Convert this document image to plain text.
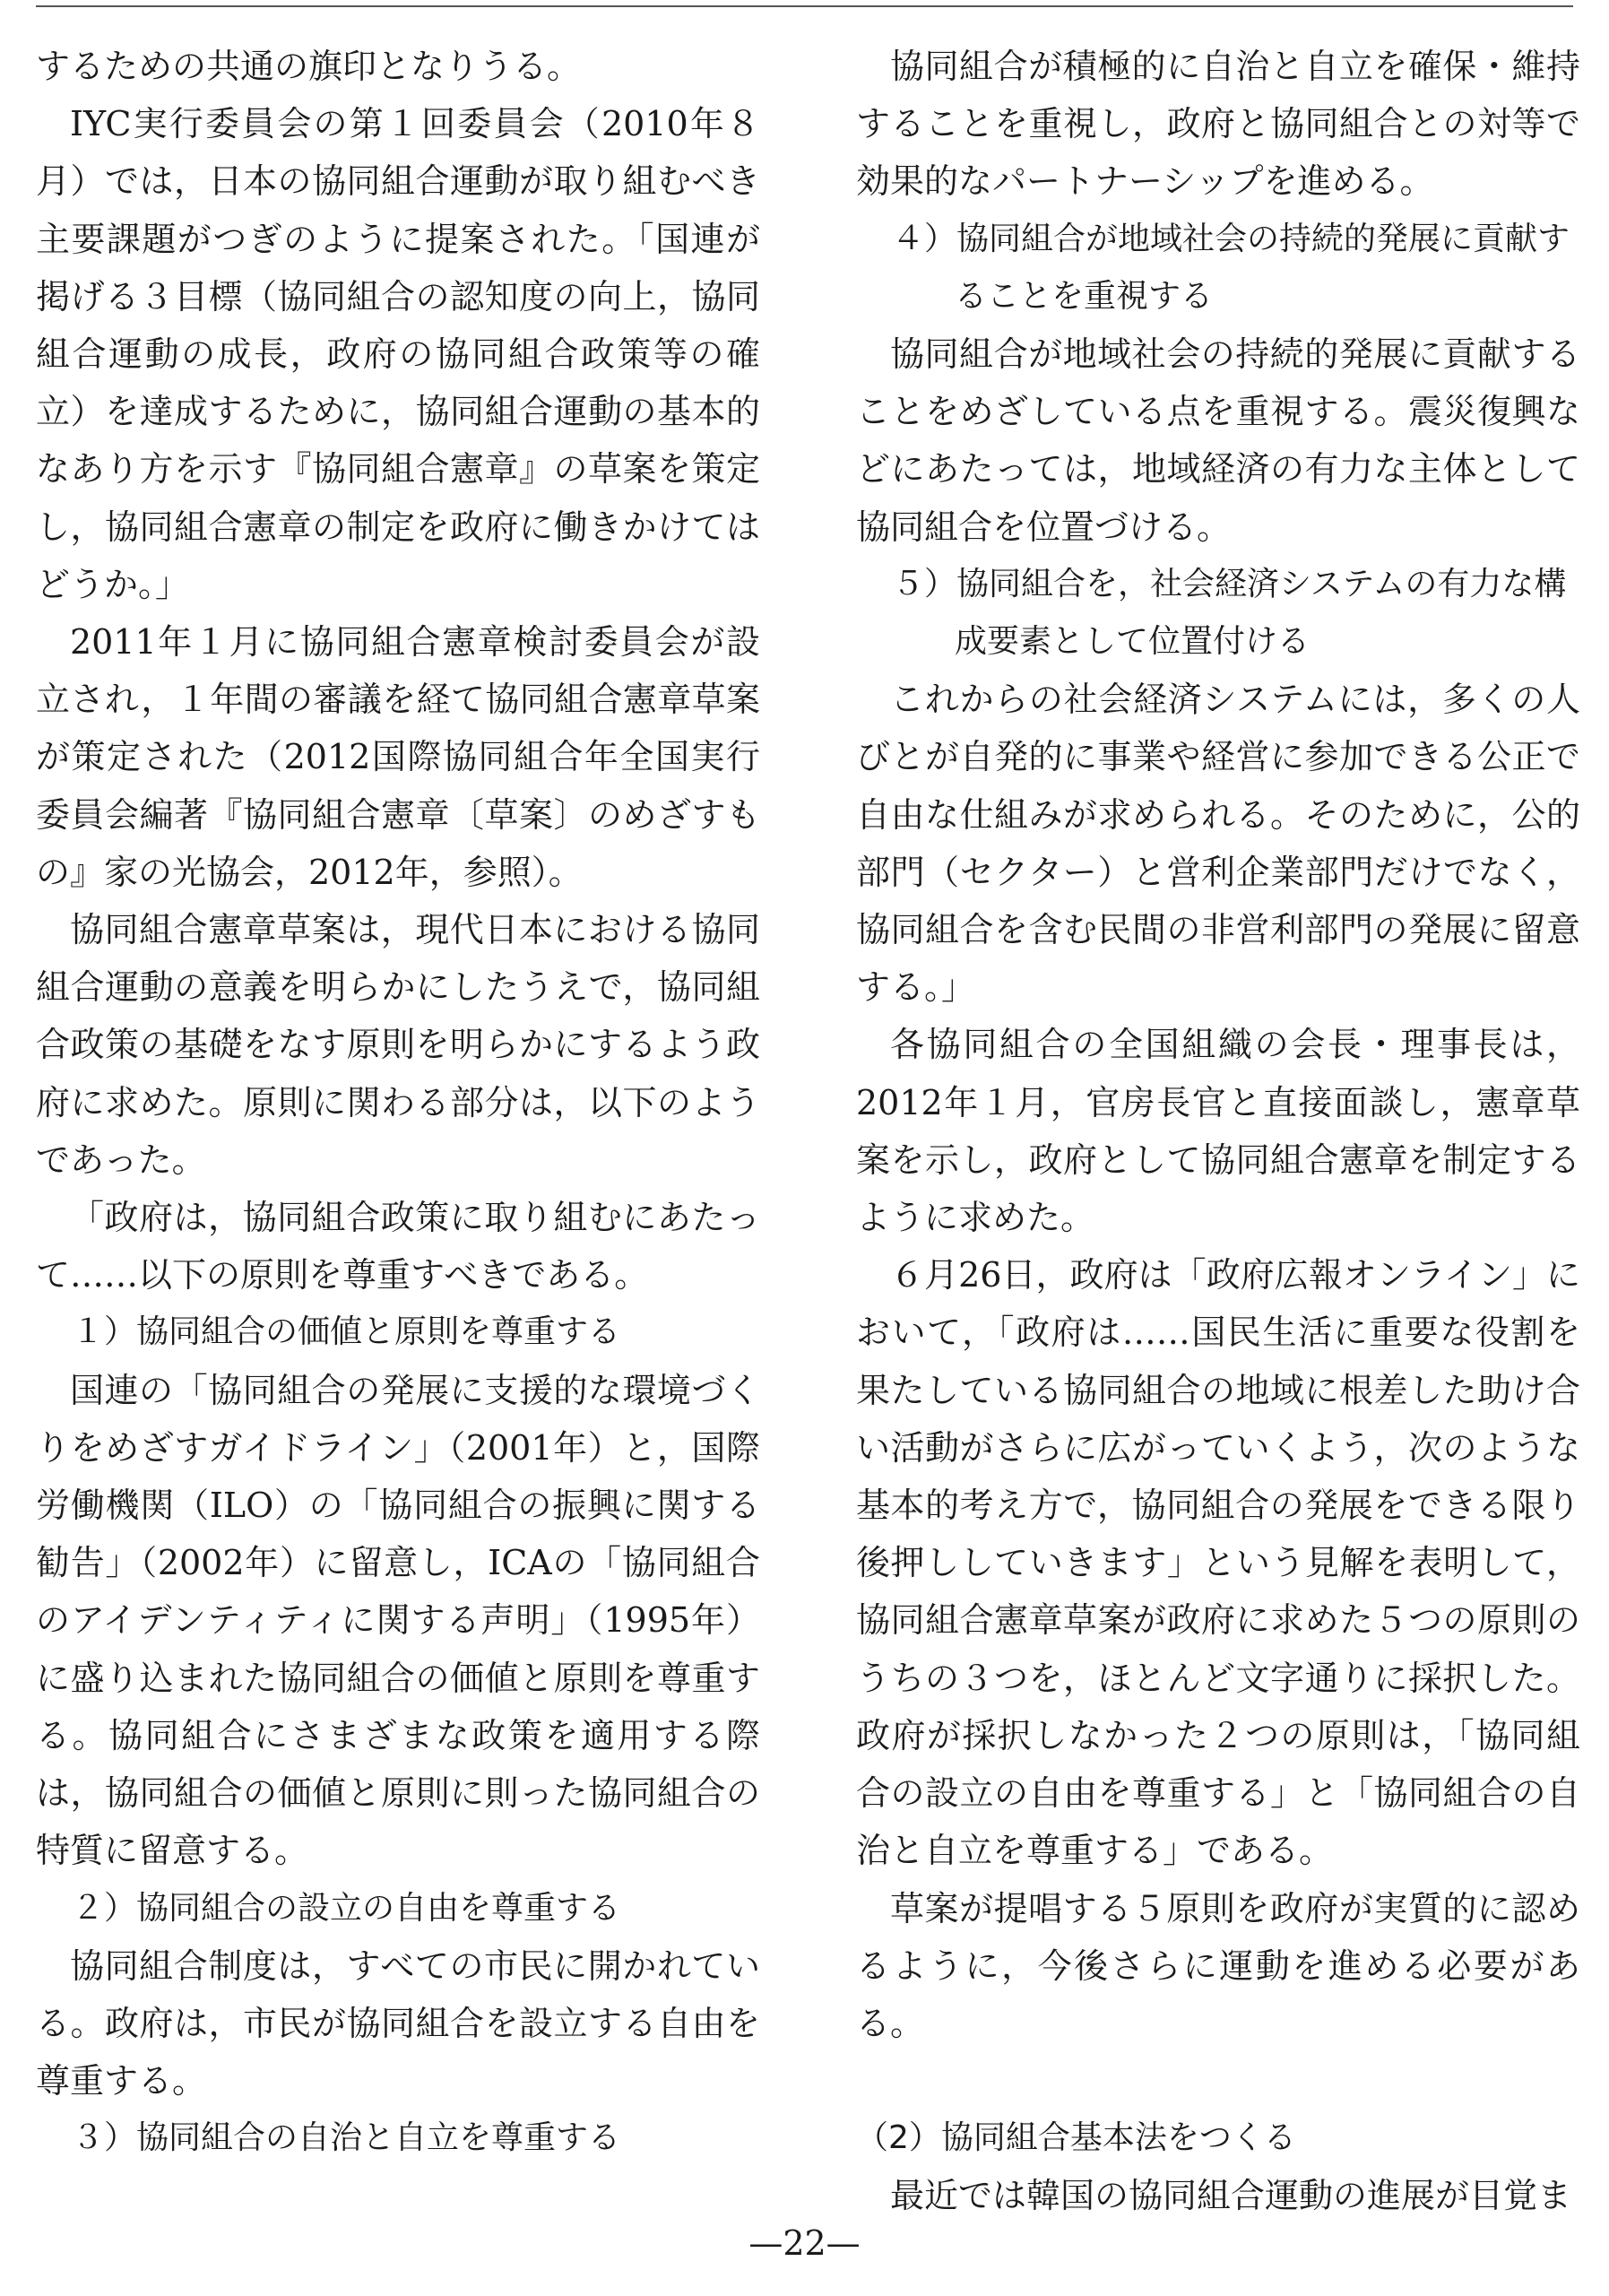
するための共通の旗印となりうる。

IYC実行委員会の第１回委員会（2010年８月）では，日本の協同組合運動が取り組むべき主要課題がつぎのように提案された。「国連が掲げる３目標（協同組合の認知度の向上，協同組合運動の成長，政府の協同組合政策等の確立）を達成するために，協同組合運動の基本的なあり方を示す『協同組合憲章』の草案を策定し，協同組合憲章の制定を政府に働きかけてはどうか。」

2011年１月に協同組合憲章検討委員会が設立され，１年間の審議を経て協同組合憲章草案が策定された（2012国際協同組合年全国実行委員会編著『協同組合憲章〔草案〕のめざすもの』家の光協会，2012年，参照）。

協同組合憲章草案は，現代日本における協同組合運動の意義を明らかにしたうえで，協同組合政策の基礎をなす原則を明らかにするよう政府に求めた。原則に関わる部分は，以下のようであった。

「政府は，協同組合政策に取り組むにあたって……以下の原則を尊重すべきである。

１）協同組合の価値と原則を尊重する

国連の「協同組合の発展に支援的な環境づくりをめざすガイドライン」（2001年）と，国際労働機関（ILO）の「協同組合の振興に関する勧告」（2002年）に留意し，ICAの「協同組合のアイデンティティに関する声明」（1995年）に盛り込まれた協同組合の価値と原則を尊重する。協同組合にさまざまな政策を適用する際は，協同組合の価値と原則に則った協同組合の特質に留意する。

２）協同組合の設立の自由を尊重する

協同組合制度は，すべての市民に開かれている。政府は，市民が協同組合を設立する自由を尊重する。

３）協同組合の自治と自立を尊重する

協同組合が積極的に自治と自立を確保・維持することを重視し，政府と協同組合との対等で効果的なパートナーシップを進める。

４）協同組合が地域社会の持続的発展に貢献することを重視する

協同組合が地域社会の持続的発展に貢献することをめざしている点を重視する。震災復興などにあたっては，地域経済の有力な主体として協同組合を位置づける。

５）協同組合を，社会経済システムの有力な構成要素として位置付ける

これからの社会経済システムには，多くの人びとが自発的に事業や経営に参加できる公正で自由な仕組みが求められる。そのために，公的部門（セクター）と営利企業部門だけでなく，協同組合を含む民間の非営利部門の発展に留意する。」

各協同組合の全国組織の会長・理事長は，2012年１月，官房長官と直接面談し，憲章草案を示し，政府として協同組合憲章を制定するように求めた。

６月26日，政府は「政府広報オンライン」において，「政府は……国民生活に重要な役割を果たしている協同組合の地域に根差した助け合い活動がさらに広がっていくよう，次のような基本的考え方で，協同組合の発展をできる限り後押ししていきます」という見解を表明して，協同組合憲章草案が政府に求めた５つの原則のうちの３つを，ほとんど文字通りに採択した。政府が採択しなかった２つの原則は，「協同組合の設立の自由を尊重する」と「協同組合の自治と自立を尊重する」である。

草案が提唱する５原則を政府が実質的に認めるように，今後さらに運動を進める必要がある。

（2）協同組合基本法をつくる

最近では韓国の協同組合運動の進展が目覚ま

—22—
